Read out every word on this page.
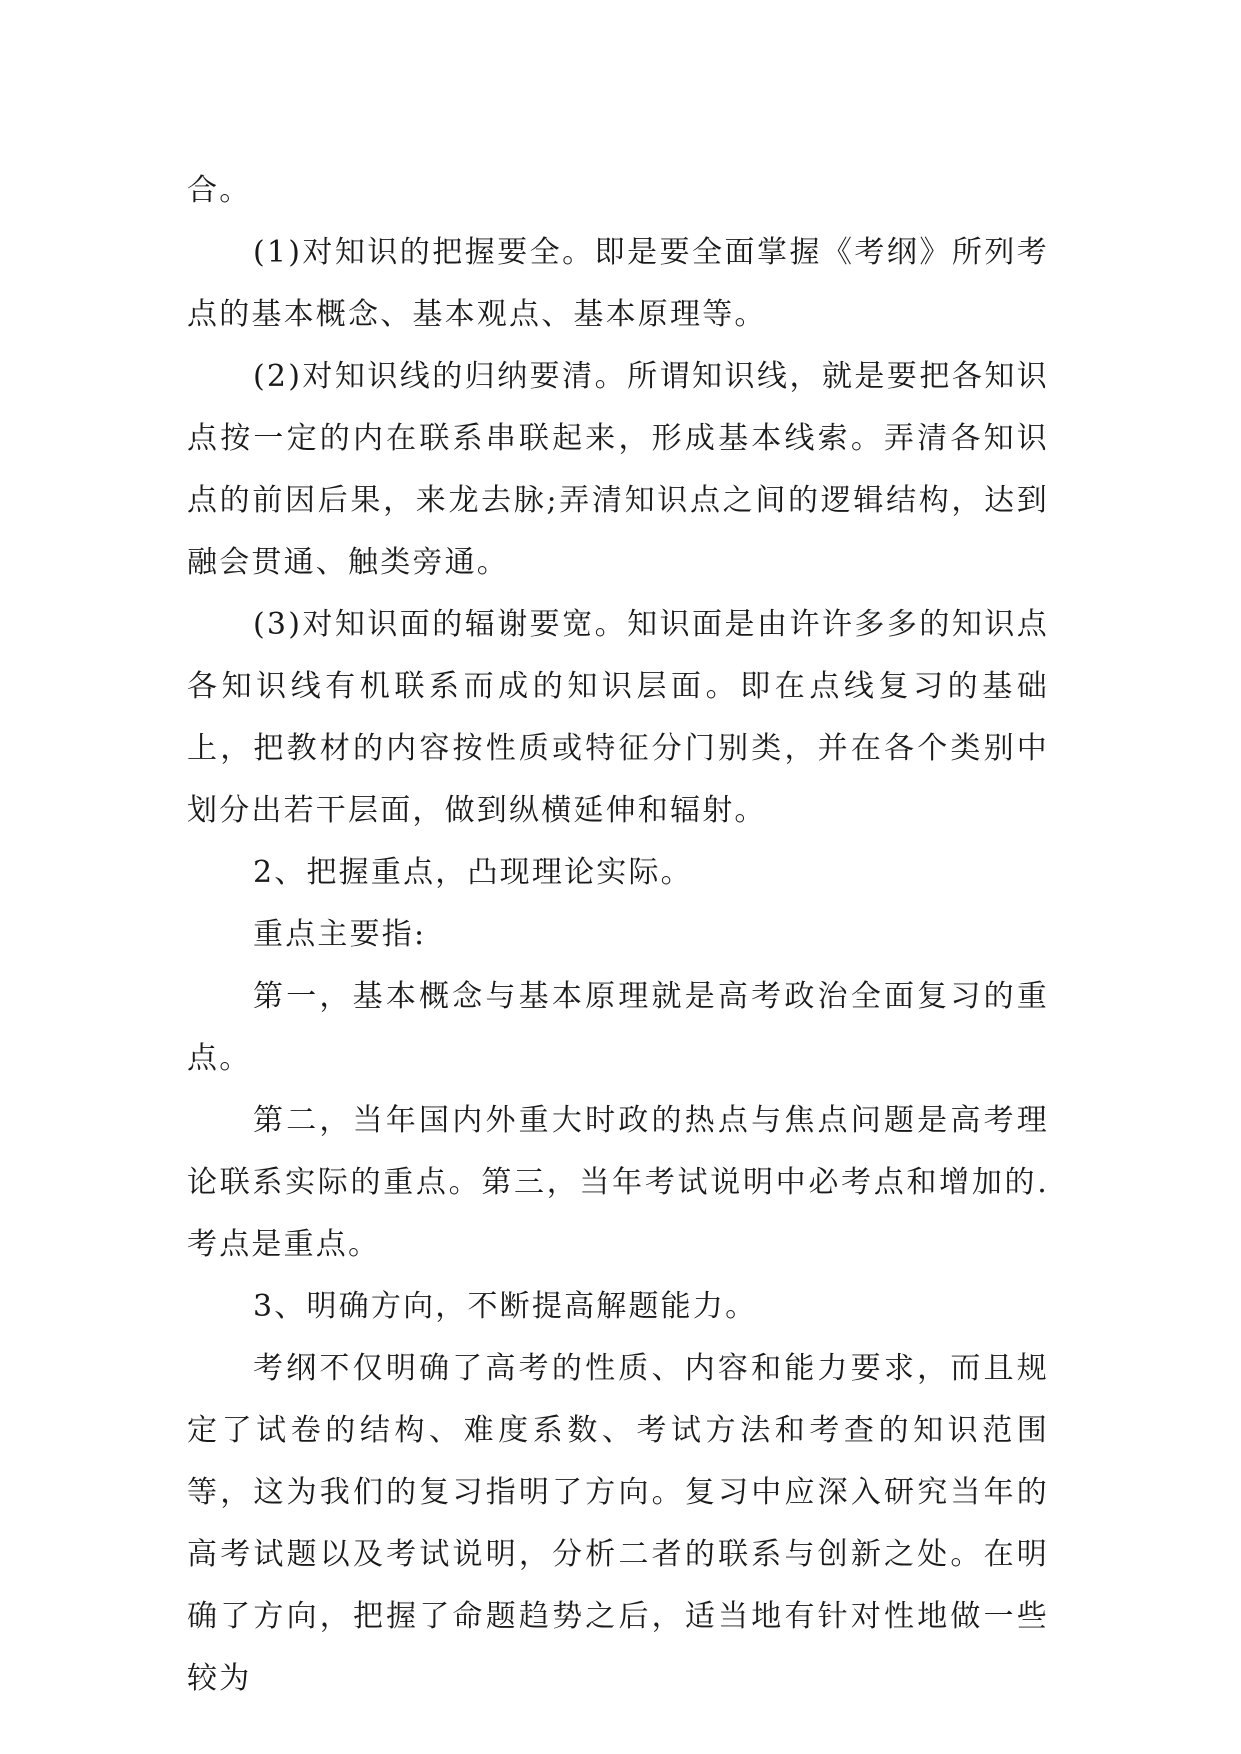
合。

(1)对知识的把握要全。即是要全面掌握《考纲》所列考点的基本概念、基本观点、基本原理等。

(2)对知识线的归纳要清。所谓知识线，就是要把各知识点按一定的内在联系串联起来，形成基本线索。弄清各知识点的前因后果，来龙去脉;弄清知识点之间的逻辑结构，达到融会贯通、触类旁通。

(3)对知识面的辐谢要宽。知识面是由许许多多的知识点各知识线有机联系而成的知识层面。即在点线复习的基础上，把教材的内容按性质或特征分门别类，并在各个类别中划分出若干层面，做到纵横延伸和辐射。

2、把握重点，凸现理论实际。

重点主要指:

第一，基本概念与基本原理就是高考政治全面复习的重点。

第二，当年国内外重大时政的热点与焦点问题是高考理论联系实际的重点。第三，当年考试说明中必考点和增加的.考点是重点。

3、明确方向，不断提高解题能力。

考纲不仅明确了高考的性质、内容和能力要求，而且规定了试卷的结构、难度系数、考试方法和考查的知识范围等，这为我们的复习指明了方向。复习中应深入研究当年的高考试题以及考试说明，分析二者的联系与创新之处。在明确了方向，把握了命题趋势之后，适当地有针对性地做一些较为
